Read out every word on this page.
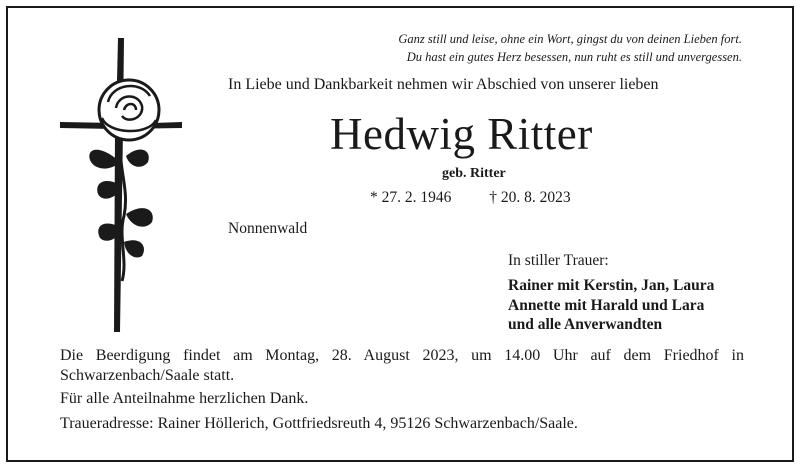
Ganz still und leise, ohne ein Wort, gingst du von deinen Lieben fort.
Du hast ein gutes Herz besessen, nun ruht es still und unvergessen.

In Liebe und Dankbarkeit nehmen wir Abschied von unserer lieben

Hedwig Ritter

geb. Ritter

* 27. 2. 1946 † 20. 8. 2023

Nonnenwald

In stiller Trauer:

Rainer mit Kerstin, Jan, Laura
Annette mit Harald und Lara
und alle Anverwandten

Die Beerdigung findet am Montag, 28. August 2023, um 14.00 Uhr auf dem Friedhof in Schwarzenbach/Saale statt.

Für alle Anteilnahme herzlichen Dank.

Traueradresse: Rainer Höllerich, Gottfriedsreuth 4, 95126 Schwarzenbach/Saale.
